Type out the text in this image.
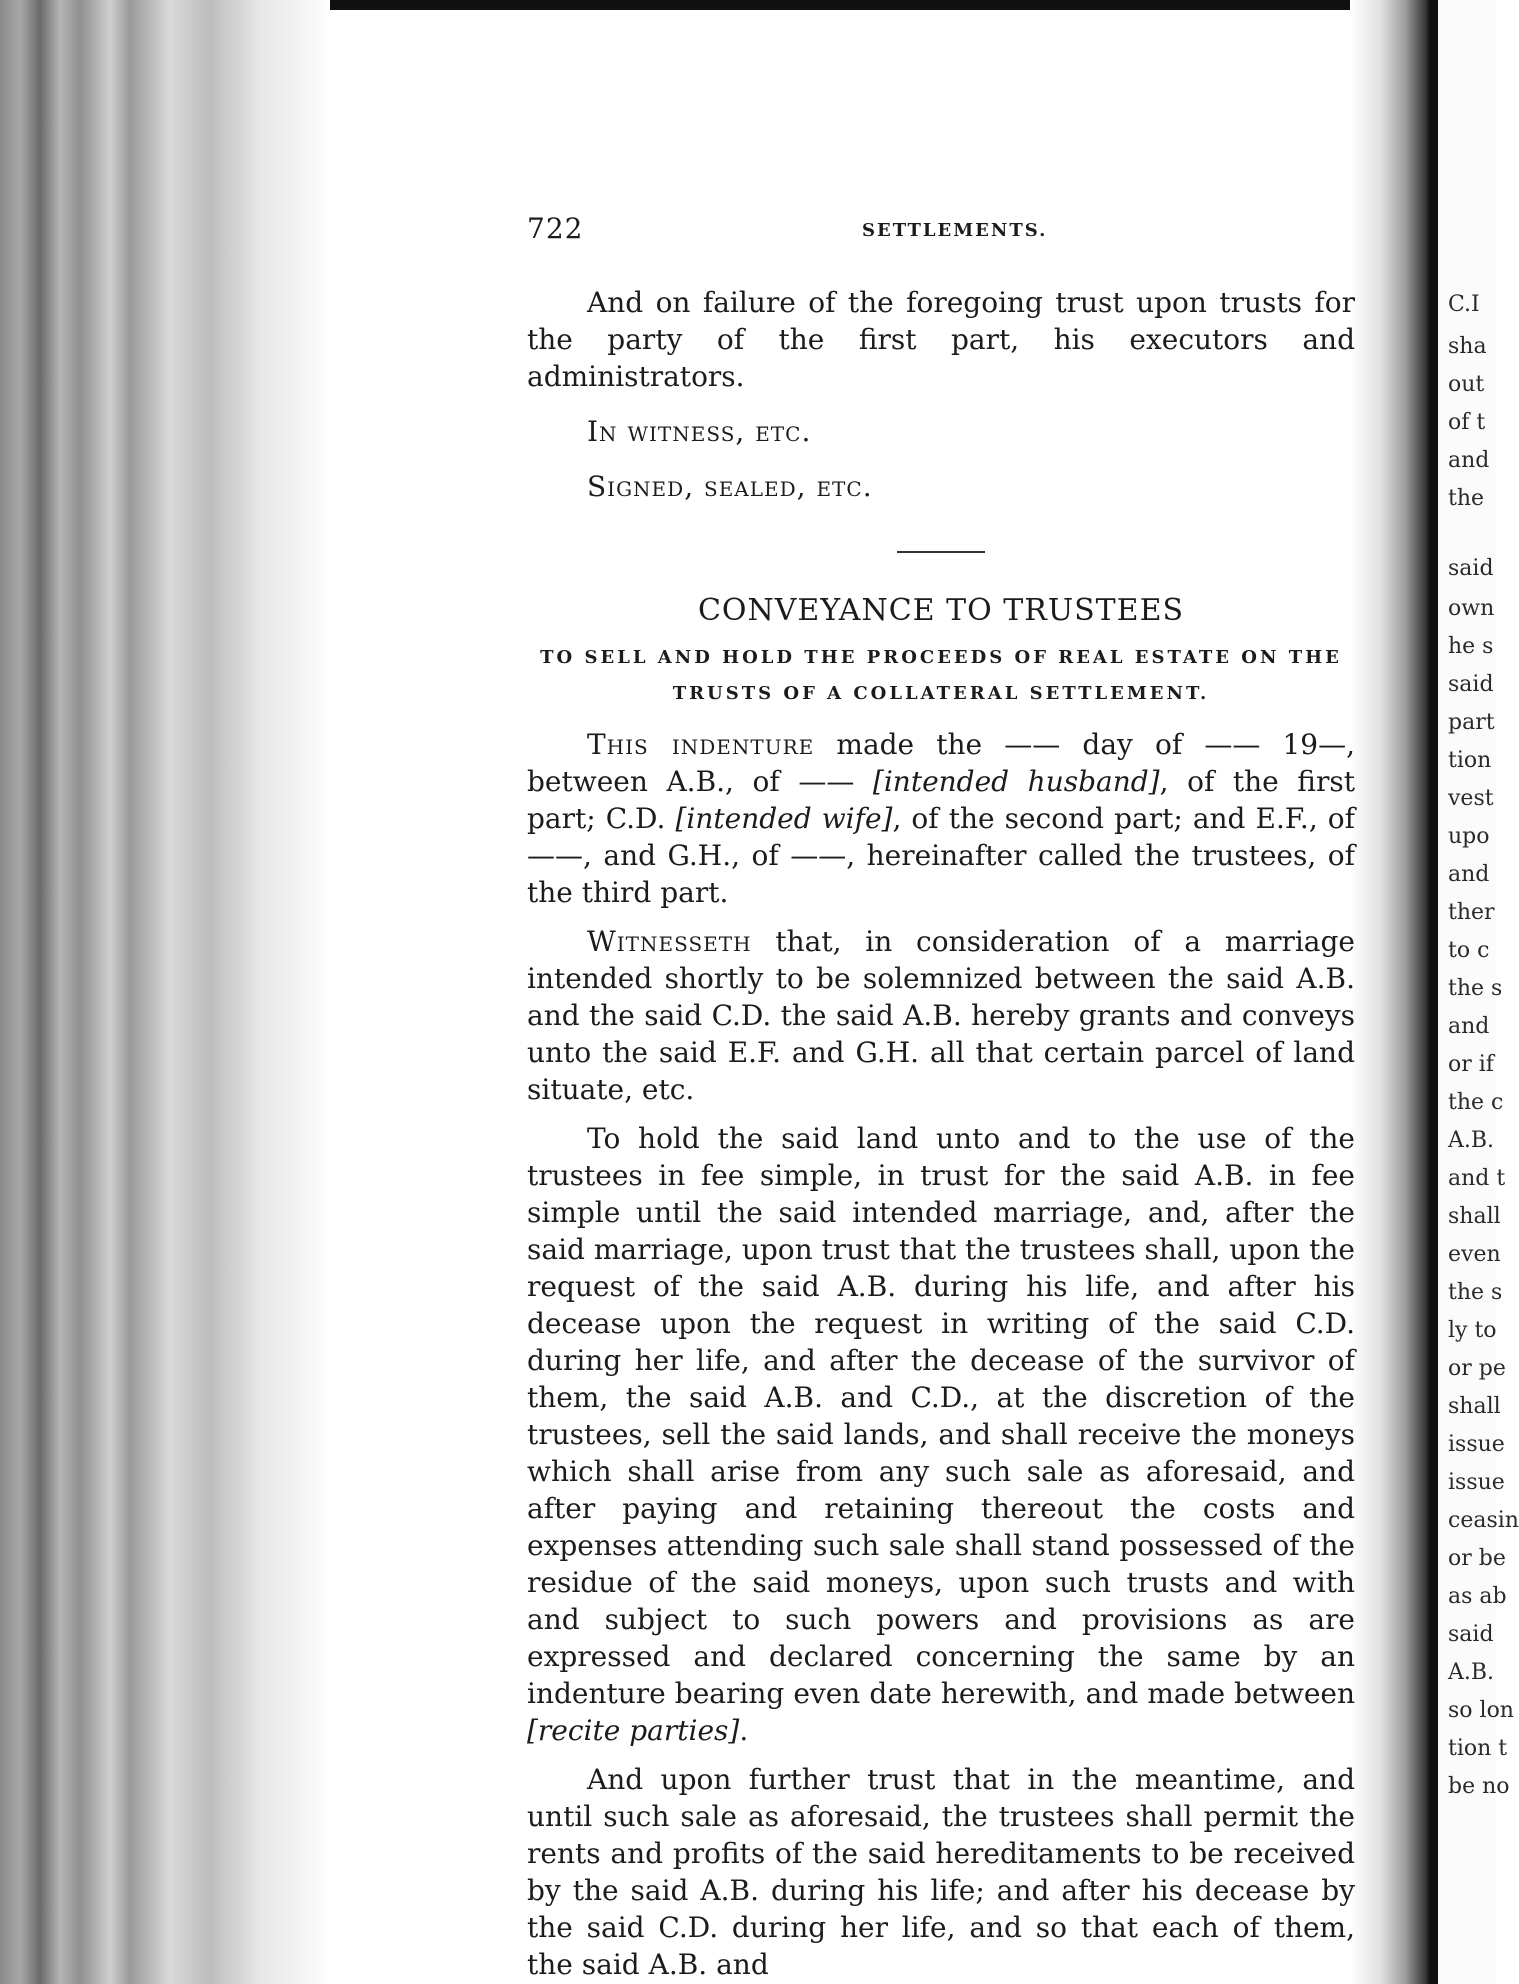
C.I
sha
out
of t
and
the
said
own
he s
said
part
tion
vest
upo
and
ther
to c
the s
and
or if
the c
A.B.
and t
shall
even
the s
ly to
or pe
shall
issue
issue
ceasin
or be
as ab
said
A.B.
so lon
tion t
be no
722	SETTLEMENTS.

And on failure of the foregoing trust upon trusts for the party of the first part, his executors and administrators.

In witness, etc.

Signed, sealed, etc.

CONVEYANCE TO TRUSTEES

TO SELL AND HOLD THE PROCEEDS OF REAL ESTATE ON THE

TRUSTS OF A COLLATERAL SETTLEMENT.

This indenture made the —— day of —— 19—, between A.B., of —— [intended husband], of the first part; C.D. [intended wife], of the second part; and E.F., of ——, and G.H., of ——, hereinafter called the trustees, of the third part.

Witnesseth that, in consideration of a marriage intended shortly to be solemnized between the said A.B. and the said C.D. the said A.B. hereby grants and conveys unto the said E.F. and G.H. all that certain parcel of land situate, etc.

To hold the said land unto and to the use of the trustees in fee simple, in trust for the said A.B. in fee simple until the said intended marriage, and, after the said marriage, upon trust that the trustees shall, upon the request of the said A.B. during his life, and after his decease upon the request in writing of the said C.D. during her life, and after the decease of the survivor of them, the said A.B. and C.D., at the discretion of the trustees, sell the said lands, and shall receive the moneys which shall arise from any such sale as aforesaid, and after paying and retaining thereout the costs and expenses attending such sale shall stand possessed of the residue of the said moneys, upon such trusts and with and subject to such powers and provisions as are expressed and declared concerning the same by an indenture bearing even date herewith, and made between [recite parties].

And upon further trust that in the meantime, and until such sale as aforesaid, the trustees shall permit the rents and profits of the said hereditaments to be received by the said A.B. during his life; and after his decease by the said C.D. during her life, and so that each of them, the said A.B. and
